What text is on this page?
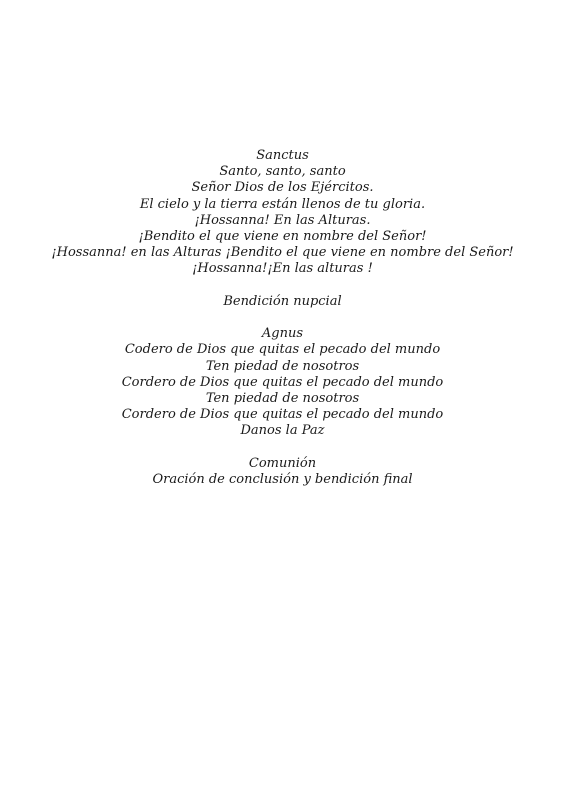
Sanctus
Santo, santo, santo
Señor Dios de los Ejércitos.
El cielo y la tierra están llenos de tu gloria.
¡Hossanna! En las Alturas.
¡Bendito el que viene en nombre del Señor!
¡Hossanna! en las Alturas ¡Bendito el que viene en nombre del Señor!
¡Hossanna!¡En las alturas !
Bendición nupcial
Agnus
Codero de Dios que quitas el pecado del mundo
Ten piedad de nosotros
Cordero de Dios que quitas el pecado del mundo
Ten piedad de nosotros
Cordero de Dios que quitas el pecado del mundo
Danos la Paz
Comunión
Oración de conclusión y bendición final
